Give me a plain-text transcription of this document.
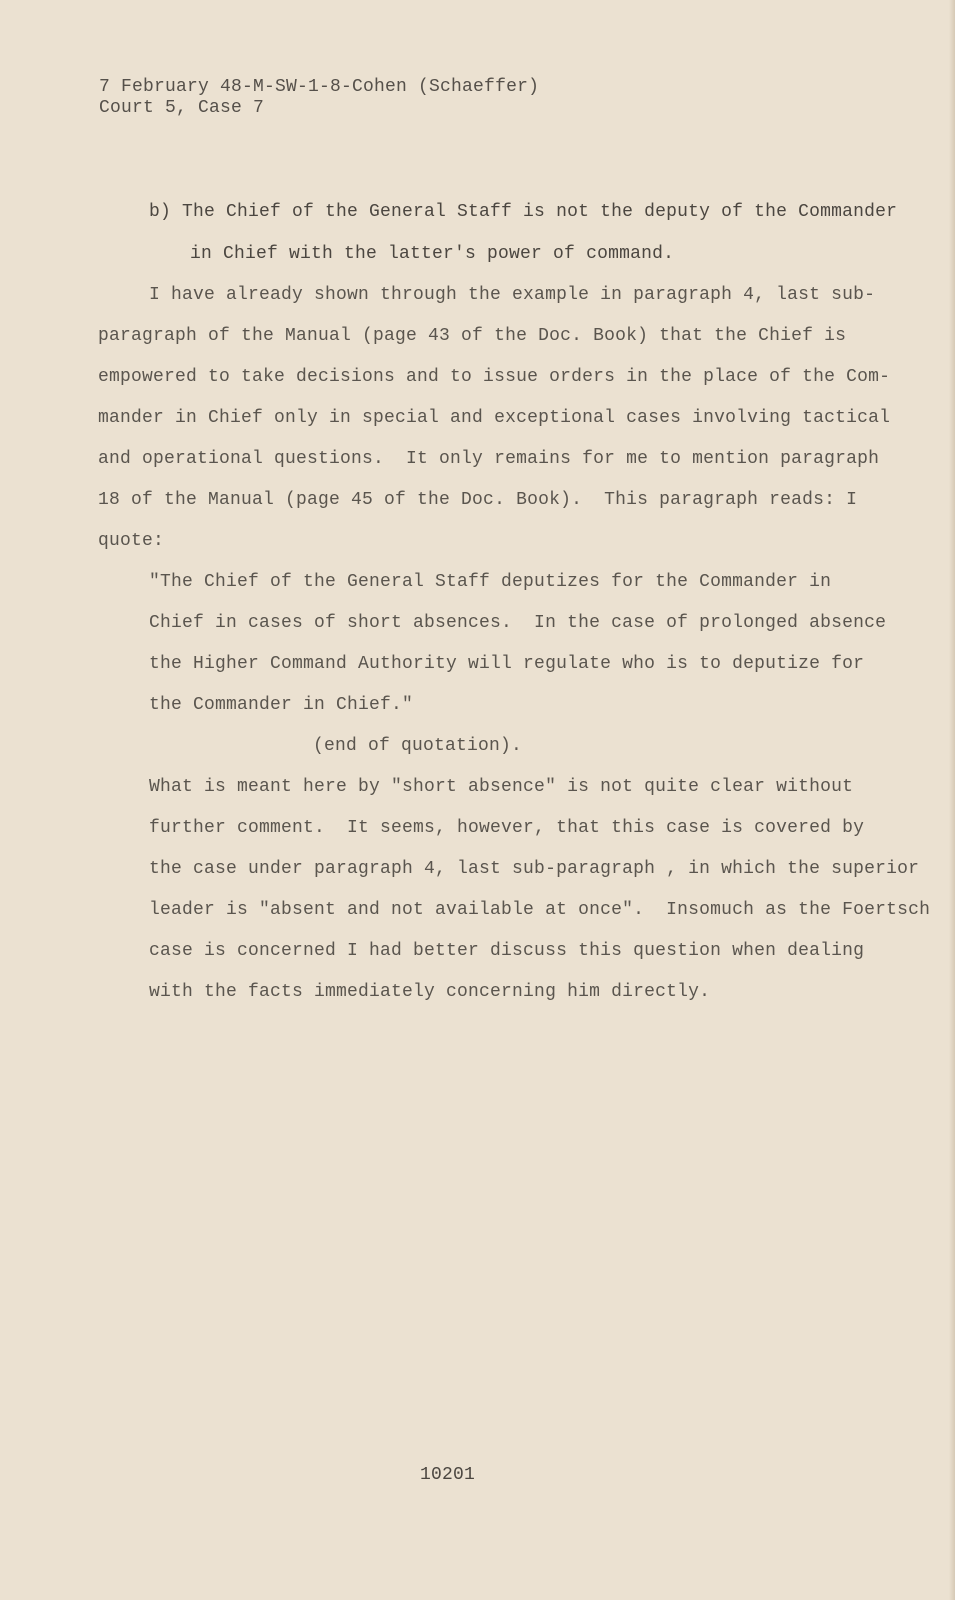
7 February 48-M-SW-1-8-Cohen (Schaeffer)

Court 5, Case 7

b) The Chief of the General Staff is not the deputy of the Commander

in Chief with the latter's power of command.

I have already shown through the example in paragraph 4, last sub-

paragraph of the Manual (page 43 of the Doc. Book) that the Chief is

empowered to take decisions and to issue orders in the place of the Com-

mander in Chief only in special and exceptional cases involving tactical

and operational questions.  It only remains for me to mention paragraph

18 of the Manual (page 45 of the Doc. Book).  This paragraph reads: I

quote:

"The Chief of the General Staff deputizes for the Commander in

Chief in cases of short absences.  In the case of prolonged absence

the Higher Command Authority will regulate who is to deputize for

the Commander in Chief."

(end of quotation).

What is meant here by "short absence" is not quite clear without

further comment.  It seems, however, that this case is covered by

the case under paragraph 4, last sub-paragraph , in which the superior

leader is "absent and not available at once".  Insomuch as the Foertsch

case is concerned I had better discuss this question when dealing

with the facts immediately concerning him directly.

10201
